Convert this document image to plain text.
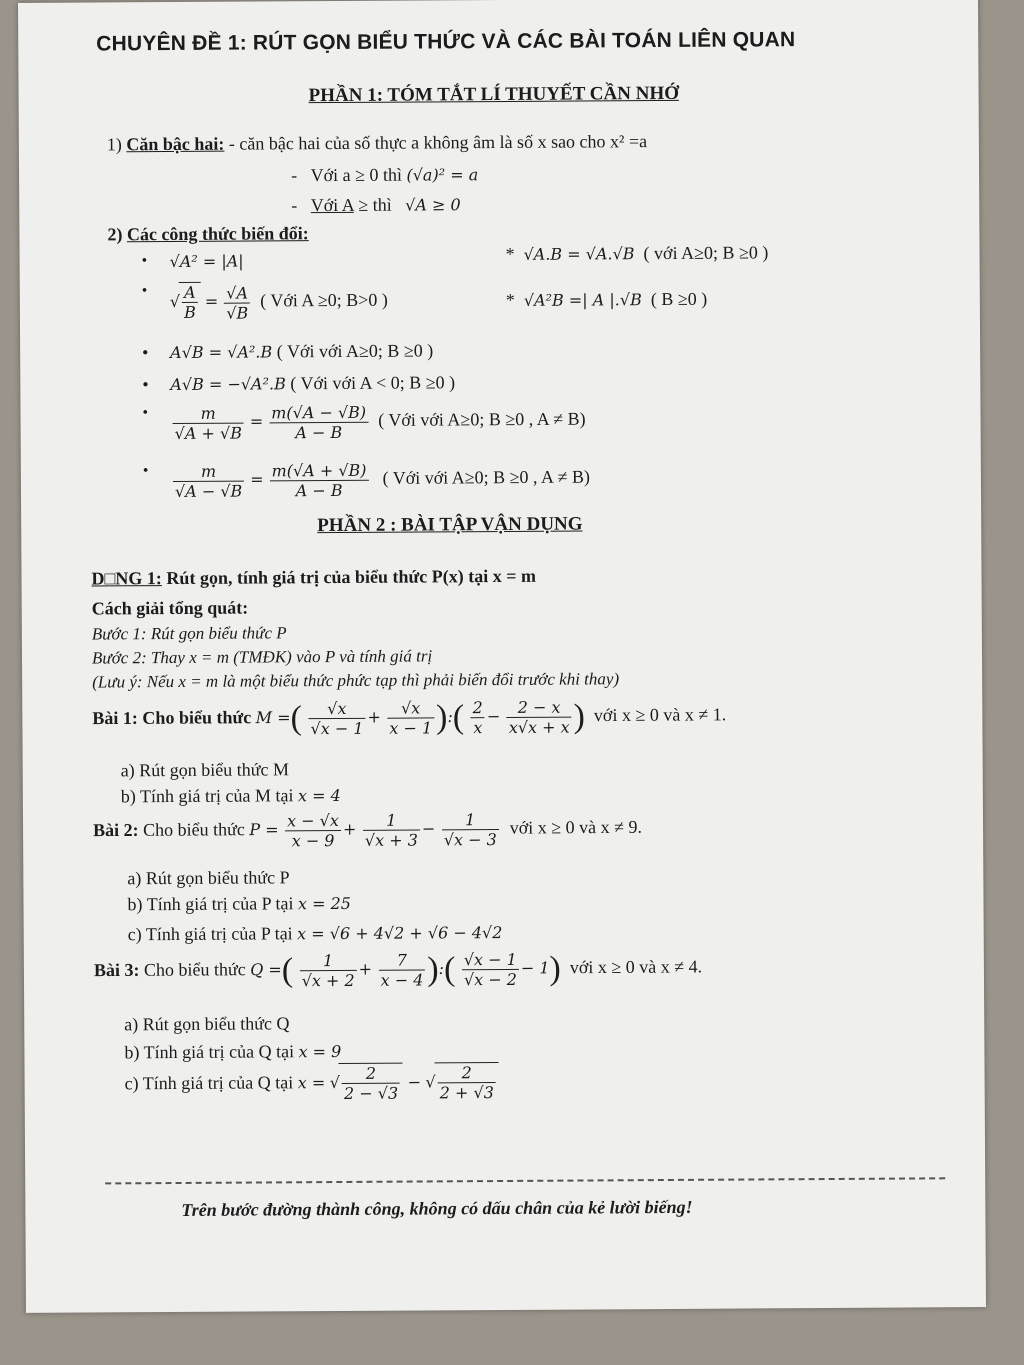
CHUYÊN ĐỀ 1: RÚT GỌN BIỂU THỨC VÀ CÁC BÀI TOÁN LIÊN QUAN
PHẦN 1: TÓM TẮT LÍ THUYẾT CẦN NHỚ
1) Căn bậc hai: - căn bậc hai của số thực a không âm là số x sao cho x² =a
-   Với a ≥ 0 thì (√a)² = a
-   Với A ≥ thì √A ≥ 0
2) Các công thức biến đổi:
• √A² = |A|	*  √A.B = √A.√B ( với A≥0; B ≥0 )
• √ $\frac{A}{B} = \frac{√A}{√B}$ ( Với A ≥0; B>0 )	*  √A²B =| A |.√B ( B ≥0 )
• A√B = √A².B ( Với với A≥0; B ≥0 )
• A√B = −√A².B ( Với với A < 0; B ≥0 )
• $\frac{m}{√A + √B} = \frac{m(√A - √B)}{A - B}$ ( Với với A≥0; B ≥0 , A ≠ B)
• $\frac{m}{√A - √B} = \frac{m(√A + √B)}{A - B}$ ( Với với A≥0; B ≥0 , A ≠ B)
PHẦN 2 : BÀI TẬP VẬN DỤNG
D□NG 1: Rút gọn, tính giá trị của biểu thức P(x) tại x = m
Cách giải tổng quát:
Bước 1: Rút gọn biểu thức P
Bước 2: Thay x = m (TMĐK) vào P và tính giá trị
(Lưu ý: Nếu x = m là một biểu thức phức tạp thì phải biến đổi trước khi thay)
Bài 1: Cho biểu thức M =( $\frac{√x}{√x - 1} + \frac{√x}{x - 1}$ ):( $\frac{2}{x} - \frac{2 - x}{x√x + x}$ ) với x ≥ 0 và x ≠ 1.
a) Rút gọn biểu thức M
b) Tính giá trị của M tại x = 4
Bài 2: Cho biểu thức $P = \frac{x - √x}{x - 9} + \frac{1}{√x + 3} - \frac{1}{√x - 3}$ với x ≥ 0 và x ≠ 9.
a) Rút gọn biểu thức P
b) Tính giá trị của P tại x = 25
c) Tính giá trị của P tại x = √6 + 4√2 + √6 − 4√2
Bài 3: Cho biểu thức Q =( $\frac{1}{√x + 2} + \frac{7}{x - 4}$ ):( $\frac{√x - 1}{√x - 2} - 1$) với x ≥ 0 và x ≠ 4.
a) Rút gọn biểu thức Q
b) Tính giá trị của Q tại x = 9
c) Tính giá trị của Q tại x = √ $\frac{2}{2 - √3}$ − √ $\frac{2}{2 + √3}$
Trên bước đường thành công, không có dấu chân của kẻ lười biếng!
